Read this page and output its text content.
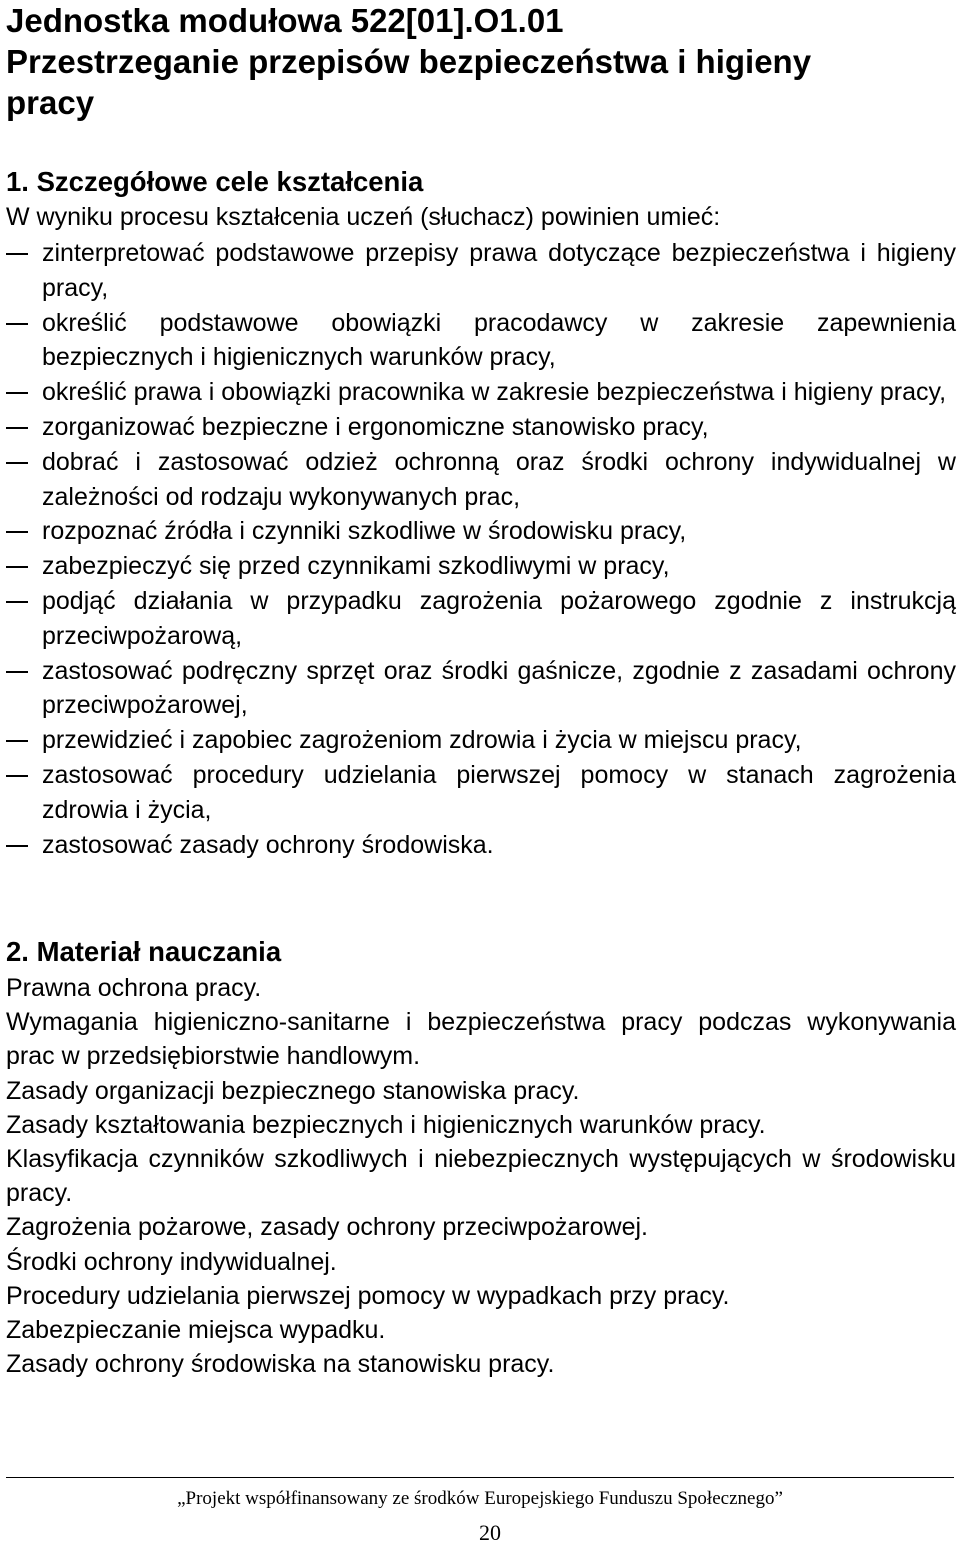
Jednostka modułowa 522[01].O1.01
Przestrzeganie przepisów bezpieczeństwa i higieny
pracy
1. Szczegółowe cele kształcenia

W wyniku procesu kształcenia uczeń (słuchacz) powinien umieć:

zinterpretować podstawowe przepisy prawa dotyczące bezpieczeństwa i higieny pracy,
określić podstawowe obowiązki pracodawcy w zakresie zapewnienia bezpiecznych i higienicznych warunków pracy,
określić prawa i obowiązki pracownika w zakresie bezpieczeństwa i higieny pracy,
zorganizować bezpieczne i ergonomiczne stanowisko pracy,
dobrać i zastosować odzież ochronną oraz środki ochrony indywidualnej w zależności od rodzaju wykonywanych prac,
rozpoznać źródła i czynniki szkodliwe w środowisku pracy,
zabezpieczyć się przed czynnikami szkodliwymi w pracy,
podjąć działania w przypadku zagrożenia pożarowego zgodnie z instrukcją przeciwpożarową,
zastosować podręczny sprzęt oraz środki gaśnicze, zgodnie z zasadami ochrony przeciwpożarowej,
przewidzieć i zapobiec zagrożeniom zdrowia i życia w miejscu pracy,
zastosować procedury udzielania pierwszej pomocy w stanach zagrożenia zdrowia i życia,
zastosować zasady ochrony środowiska.
2. Materiał nauczania
Prawna ochrona pracy.
Wymagania higieniczno-sanitarne i bezpieczeństwa pracy podczas wykonywania prac w przedsiębiorstwie handlowym.
Zasady organizacji bezpiecznego stanowiska pracy.
Zasady kształtowania bezpiecznych i higienicznych warunków pracy.
Klasyfikacja czynników szkodliwych i niebezpiecznych występujących w środowisku pracy.
Zagrożenia pożarowe, zasady ochrony przeciwpożarowej.
Środki ochrony indywidualnej.
Procedury udzielania pierwszej pomocy w wypadkach przy pracy.
Zabezpieczanie miejsca wypadku.
Zasady ochrony środowiska na stanowisku pracy.
„Projekt współfinansowany ze środków Europejskiego Funduszu Społecznego”
20
